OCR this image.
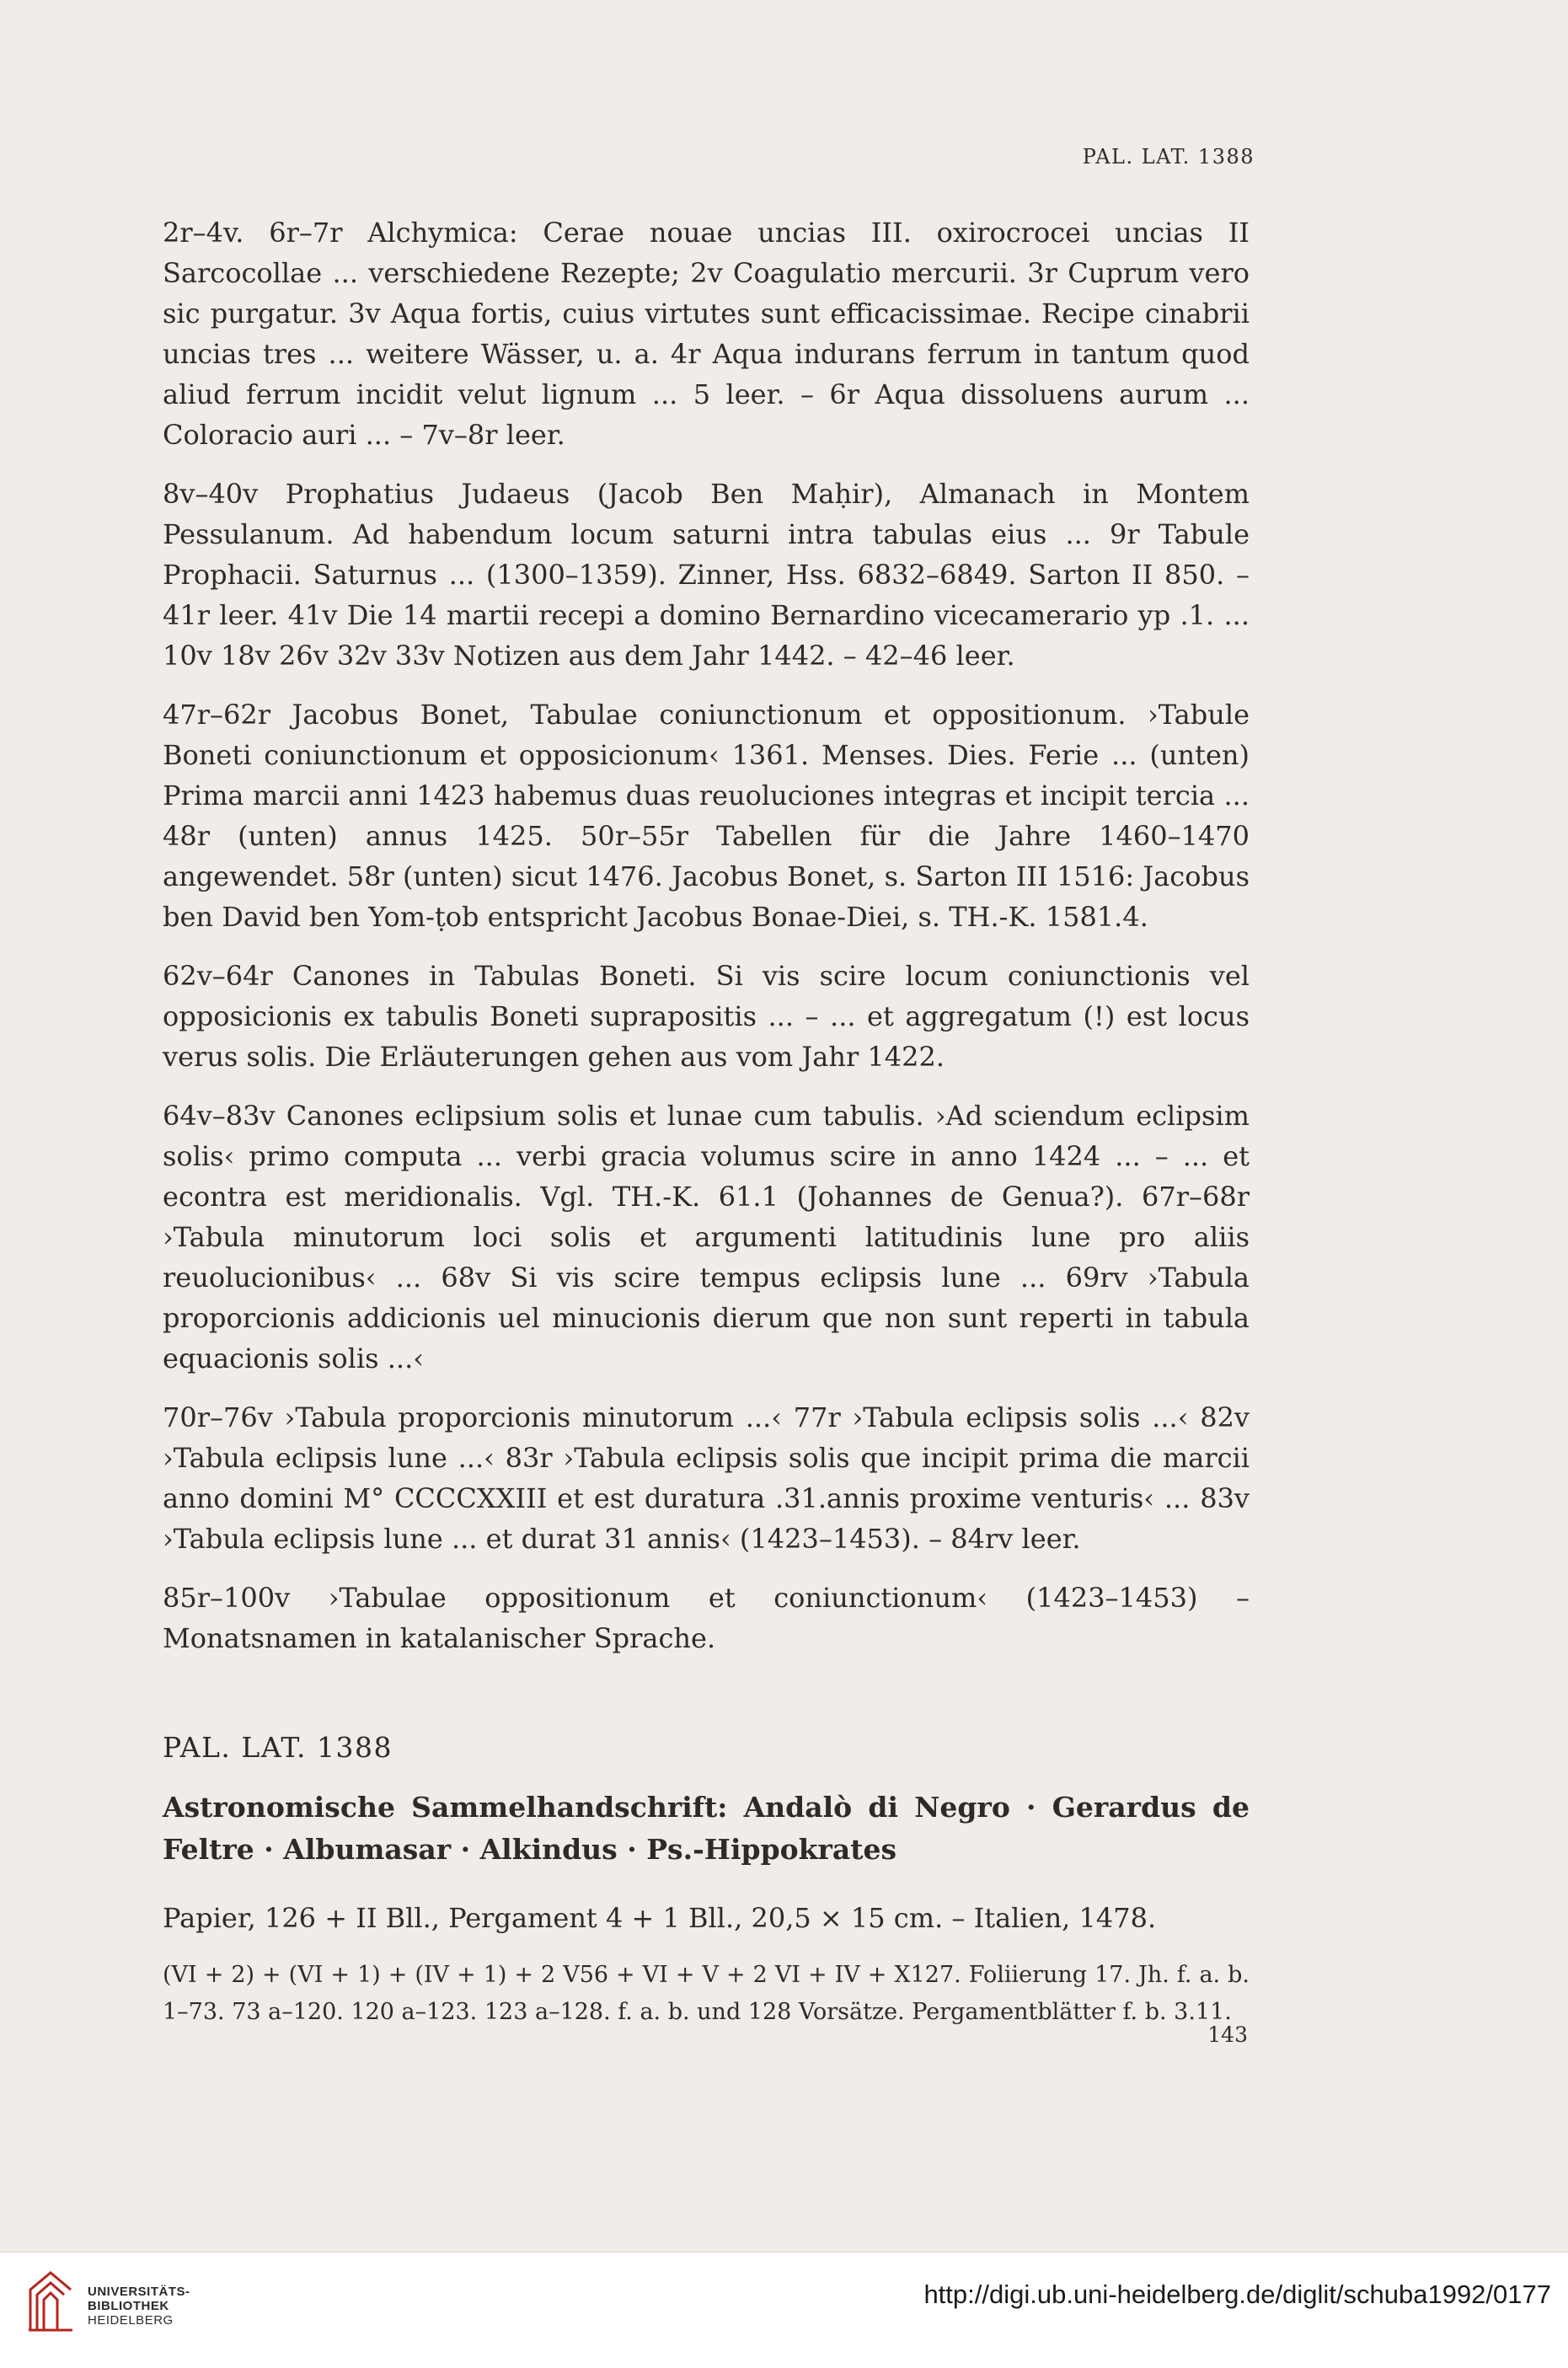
PAL. LAT. 1388

2r–4v. 6r–7r Alchymica: Cerae nouae uncias III. oxirocrocei uncias II Sarcocollae ... verschiedene Rezepte; 2v Coagulatio mercurii. 3r Cuprum vero sic purgatur. 3v Aqua fortis, cuius virtutes sunt efficacissimae. Recipe cinabrii uncias tres ... weitere Wässer, u. a. 4r Aqua indurans ferrum in tantum quod aliud ferrum incidit velut lignum ... 5 leer. – 6r Aqua dissoluens aurum ... Coloracio auri ... – 7v–8r leer.

8v–40v Prophatius Judaeus (Jacob Ben Maḥir), Almanach in Montem Pessulanum. Ad habendum locum saturni intra tabulas eius ... 9r Tabule Prophacii. Saturnus ... (1300–1359). Zinner, Hss. 6832–6849. Sarton II 850. – 41r leer. 41v Die 14 martii recepi a domino Bernardino vicecamerario yp .1. ... 10v 18v 26v 32v 33v Notizen aus dem Jahr 1442. – 42–46 leer.

47r–62r Jacobus Bonet, Tabulae coniunctionum et oppositionum. ›Tabule Boneti coniunctionum et opposicionum‹ 1361. Menses. Dies. Ferie ... (unten) Prima marcii anni 1423 habemus duas reuoluciones integras et incipit tercia ... 48r (unten) annus 1425. 50r–55r Tabellen für die Jahre 1460–1470 angewendet. 58r (unten) sicut 1476. Jacobus Bonet, s. Sarton III 1516: Jacobus ben David ben Yom-ṭob entspricht Jacobus Bonae-Diei, s. TH.-K. 1581.4.

62v–64r Canones in Tabulas Boneti. Si vis scire locum coniunctionis vel opposicionis ex tabulis Boneti suprapositis ... – ... et aggregatum (!) est locus verus solis. Die Erläuterungen gehen aus vom Jahr 1422.

64v–83v Canones eclipsium solis et lunae cum tabulis. ›Ad sciendum eclipsim solis‹ primo computa ... verbi gracia volumus scire in anno 1424 ... – ... et econtra est meridionalis. Vgl. TH.-K. 61.1 (Johannes de Genua?). 67r–68r ›Tabula minutorum loci solis et argumenti latitudinis lune pro aliis reuolucionibus‹ ... 68v Si vis scire tempus eclipsis lune ... 69rv ›Tabula proporcionis addicionis uel minucionis dierum que non sunt reperti in tabula equacionis solis ...‹

70r–76v ›Tabula proporcionis minutorum ...‹ 77r ›Tabula eclipsis solis ...‹ 82v ›Tabula eclipsis lune ...‹ 83r ›Tabula eclipsis solis que incipit prima die marcii anno domini M° CCCCXXIII et est duratura .31.annis proxime venturis‹ ... 83v ›Tabula eclipsis lune ... et durat 31 annis‹ (1423–1453). – 84rv leer.

85r–100v ›Tabulae oppositionum et coniunctionum‹ (1423–1453) – Monatsnamen in katalanischer Sprache.

PAL. LAT. 1388

Astronomische Sammelhandschrift: Andalò di Negro · Gerardus de Feltre · Albumasar · Alkindus · Ps.-Hippokrates

Papier, 126 + II Bll., Pergament 4 + 1 Bll., 20,5 × 15 cm. – Italien, 1478.

(VI + 2) + (VI + 1) + (IV + 1) + 2 V56 + VI + V + 2 VI + IV + X127. Foliierung 17. Jh. f. a. b. 1–73. 73 a–120. 120 a–123. 123 a–128. f. a. b. und 128 Vorsätze. Pergamentblätter f. b. 3.11.

143
UNIVERSITÄTS-
BIBLIOTHEK
HEIDELBERG
http://digi.ub.uni-heidelberg.de/diglit/schuba1992/0177
